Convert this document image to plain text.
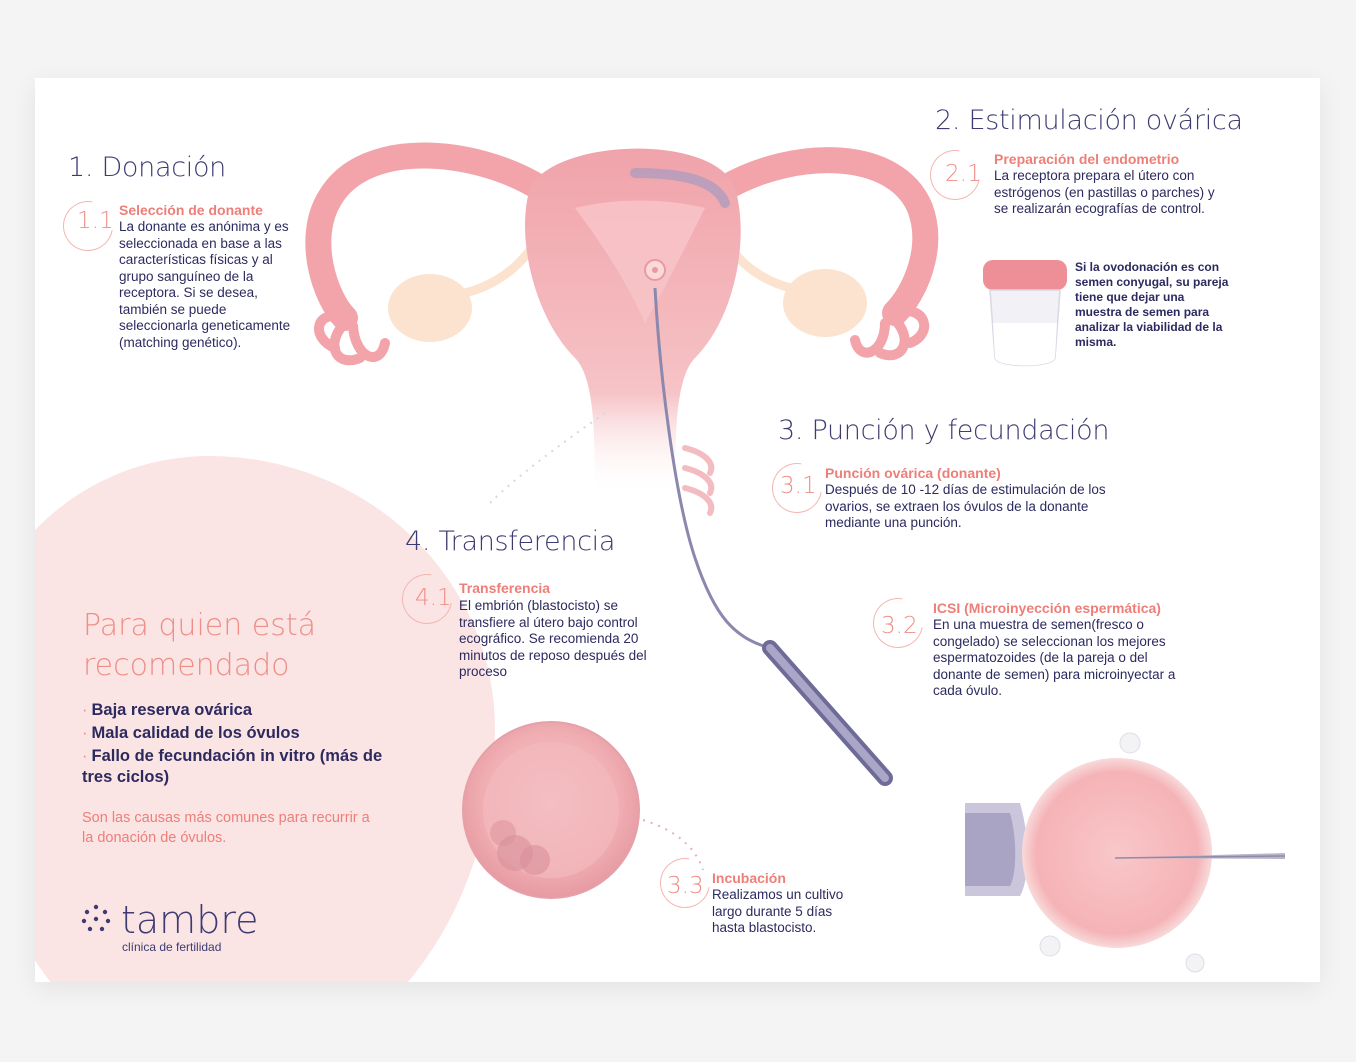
1. Donación
1.1 Selección de donante

La donante es anónima y es seleccionada en base a las características físicas y al grupo sanguíneo de la receptora. Si se desea, también se puede seleccionarla geneticamente (matching genético).

2. Estimulación ovárica
2.1
Preparación del endometrio

La receptora prepara el útero con estrógenos (en pastillas o parches) y se realizarán ecografías de control.

Si la ovodonación es con semen conyugal, su pareja tiene que dejar una muestra de semen para analizar la viabilidad de la misma.

3. Punción y fecundación
3.1 Punción ovárica (donante)

Después de 10 -12 días de estimulación de los ovarios, se extraen los óvulos de la donante mediante una punción.

3.2
ICSI (Microinyección espermática)

En una muestra de semen(fresco o congelado) se seleccionan los mejores espermatozoides (de la pareja o del donante de semen) para microinyectar a cada óvulo.

3.3 Incubación

Realizamos un cultivo largo durante 5 días hasta blastocisto.

4. Transferencia
4.1 Transferencia

El embrión (blastocisto) se transfiere al útero bajo control ecográfico. Se recomienda 20 minutos de reposo después del proceso

Para quien está recomendado
· Baja reserva ovárica
· Mala calidad de los óvulos
· Fallo de fecundación in vitro (más de tres ciclos)

Son las causas más comunes para recurrir a la donación de óvulos.

tambre

clínica de fertilidad
